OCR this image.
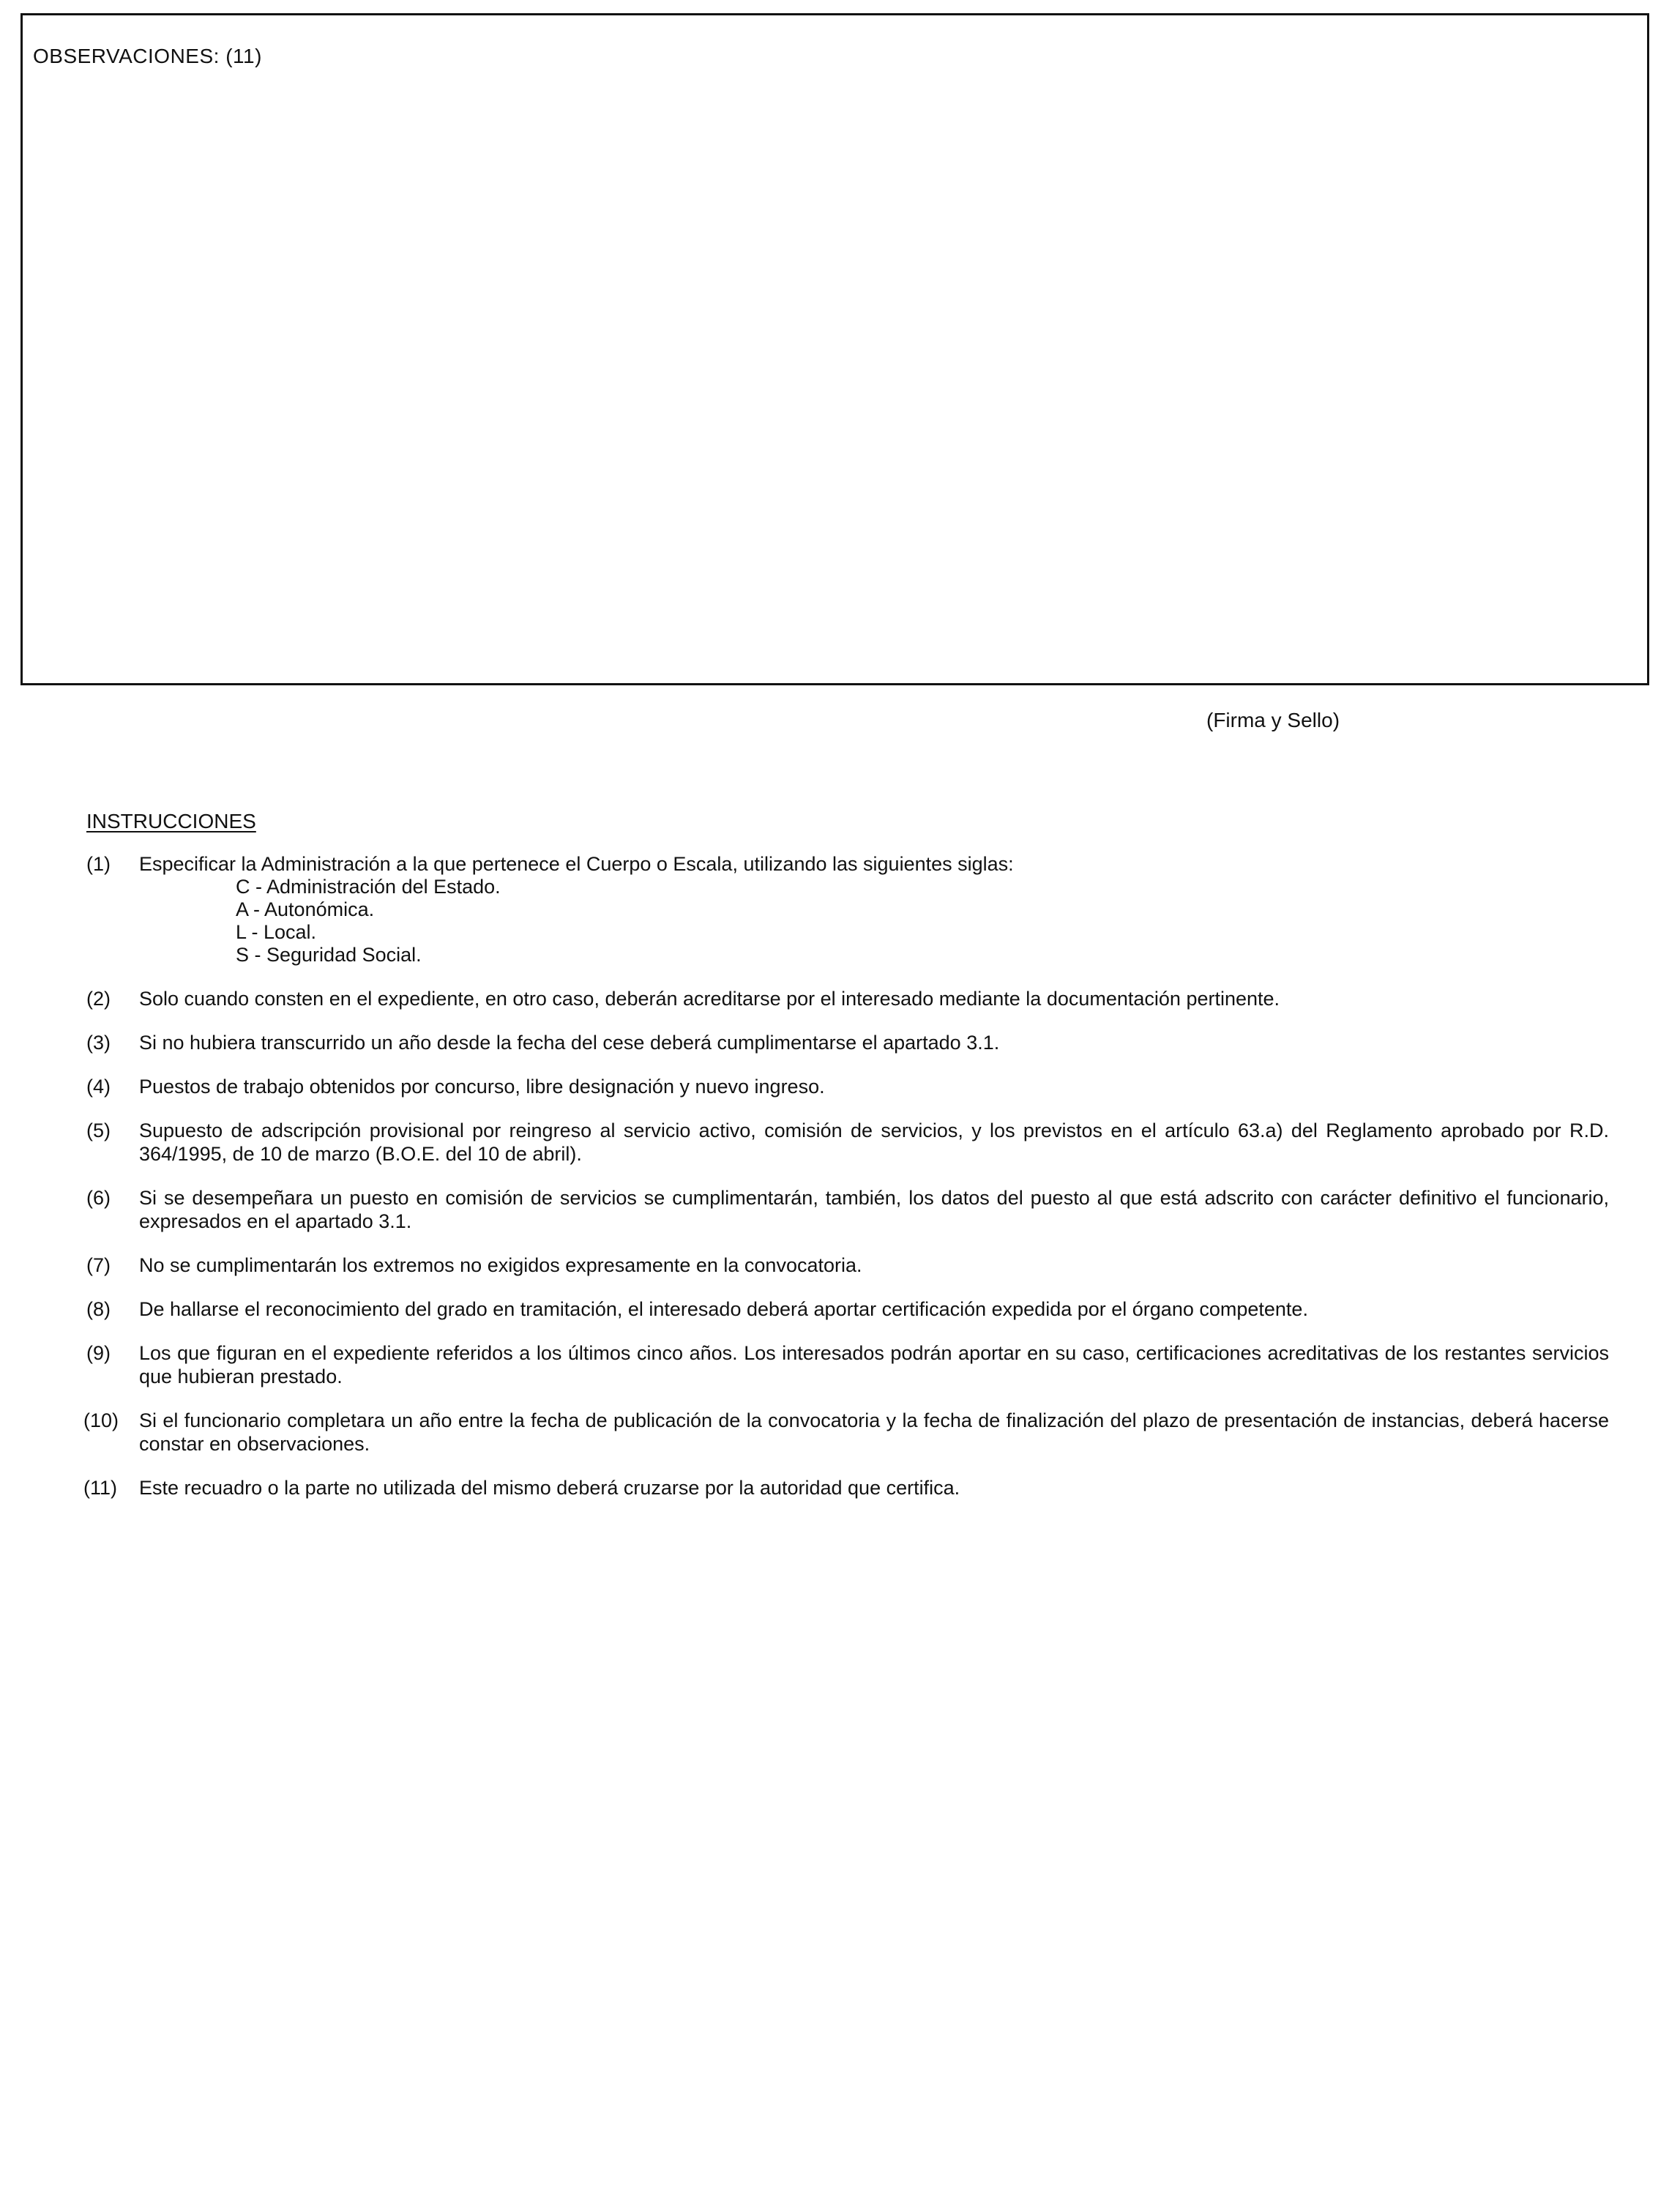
OBSERVACIONES: (11)
(Firma y Sello)
INSTRUCCIONES
(1)	Especificar la Administración a la que pertenece el Cuerpo o Escala, utilizando las siguientes siglas:
C - Administración del Estado.
A - Autonómica.
L - Local.
S - Seguridad Social.
(2)	Solo cuando consten en el expediente, en otro caso, deberán acreditarse por el interesado mediante la documentación pertinente.
(3)	Si no hubiera transcurrido un año desde la fecha del cese deberá cumplimentarse el apartado 3.1.
(4)	Puestos de trabajo obtenidos por concurso, libre designación y nuevo ingreso.
(5)	Supuesto de adscripción provisional por reingreso al servicio activo, comisión de servicios, y los previstos en el artículo 63.a) del Reglamento aprobado por R.D. 364/1995, de 10 de marzo (B.O.E. del 10 de abril).
(6)	Si se desempeñara un puesto en comisión de servicios se cumplimentarán, también, los datos del puesto al que está adscrito con carácter definitivo el funcionario, expresados en el apartado 3.1.
(7)	No se cumplimentarán los extremos no exigidos expresamente en la convocatoria.
(8)	De hallarse el reconocimiento del grado en tramitación, el interesado deberá aportar certificación expedida por el órgano competente.
(9)	Los que figuran en el expediente referidos a los últimos cinco años. Los interesados podrán aportar en su caso, certificaciones acreditativas de los restantes servicios que hubieran prestado.
(10)	Si el funcionario completara un año entre la fecha de publicación de la convocatoria y la fecha de finalización del plazo de presentación de instancias, deberá hacerse constar en observaciones.
(11)	Este recuadro o la parte no utilizada del mismo deberá cruzarse por la autoridad que certifica.
